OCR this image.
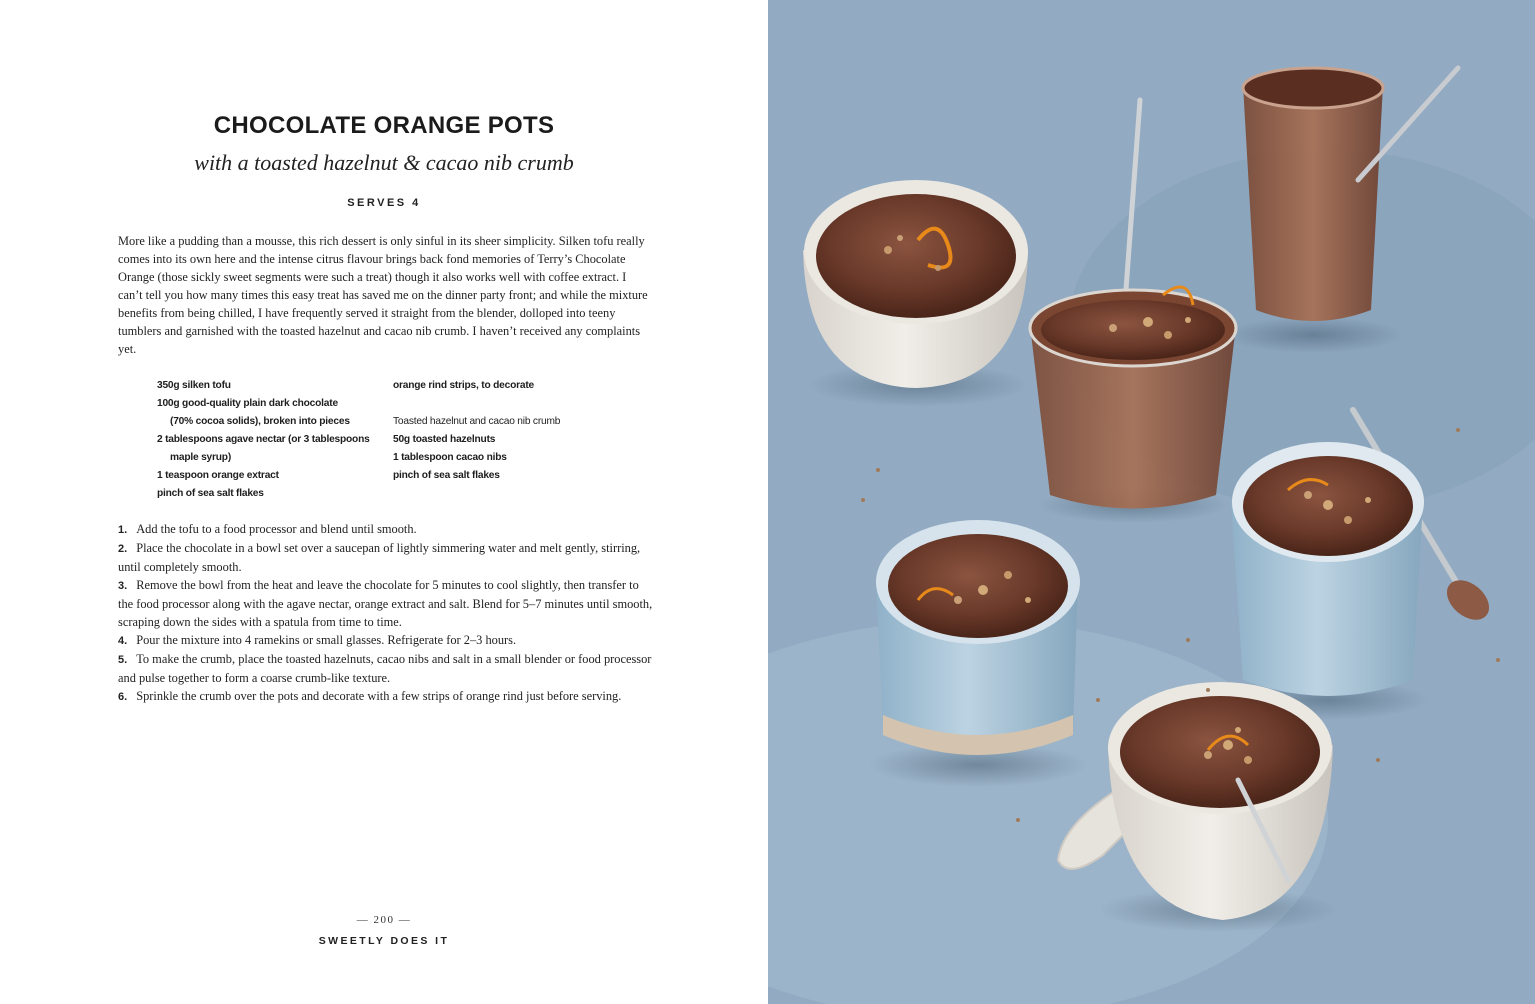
CHOCOLATE ORANGE POTS
with a toasted hazelnut & cacao nib crumb
SERVES 4

More like a pudding than a mousse, this rich dessert is only sinful in its sheer simplicity. Silken tofu really comes into its own here and the intense citrus flavour brings back fond memories of Terry’s Chocolate Orange (those sickly sweet segments were such a treat) though it also works well with coffee extract. I can’t tell you how many times this easy treat has saved me on the dinner party front; and while the mixture benefits from being chilled, I have frequently served it straight from the blender, dolloped into teeny tumblers and garnished with the toasted hazelnut and cacao nib crumb. I haven’t received any complaints yet.

350g silken tofu
100g good-quality plain dark chocolate
(70% cocoa solids), broken into pieces
2 tablespoons agave nectar (or 3 tablespoons
maple syrup)
1 teaspoon orange extract
pinch of sea salt flakes
orange rind strips, to decorate
Toasted hazelnut and cacao nib crumb
50g toasted hazelnuts
1 tablespoon cacao nibs
pinch of sea salt flakes
1. Add the tofu to a food processor and blend until smooth.
2. Place the chocolate in a bowl set over a saucepan of lightly simmering water and melt gently, stirring, until completely smooth.
3. Remove the bowl from the heat and leave the chocolate for 5 minutes to cool slightly, then transfer to the food processor along with the agave nectar, orange extract and salt. Blend for 5–7 minutes until smooth, scraping down the sides with a spatula from time to time.
4. Pour the mixture into 4 ramekins or small glasses. Refrigerate for 2–3 hours.
5. To make the crumb, place the toasted hazelnuts, cacao nibs and salt in a small blender or food processor and pulse together to form a coarse crumb-like texture.
6. Sprinkle the crumb over the pots and decorate with a few strips of orange rind just before serving.
— 200 —
SWEETLY DOES IT
